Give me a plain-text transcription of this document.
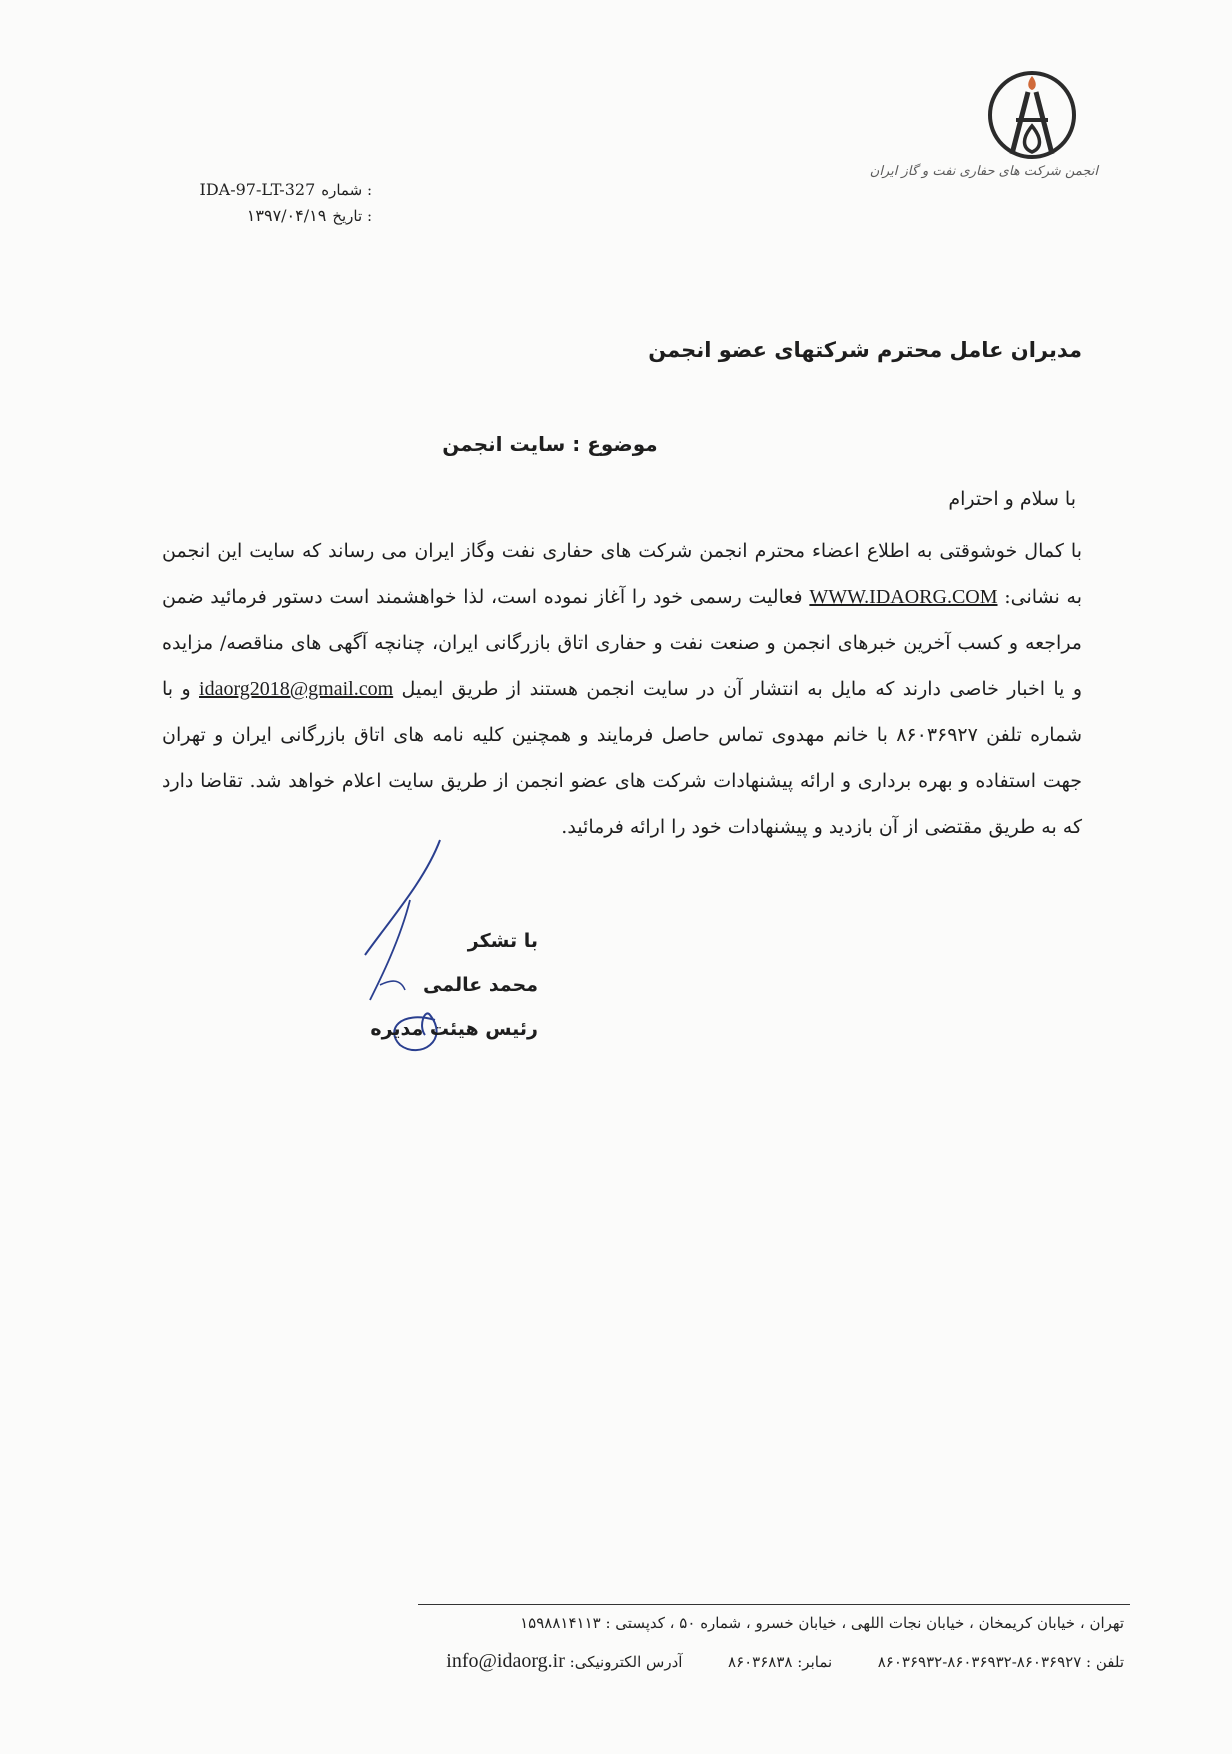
انجمن شرکت های حفاری نفت و گاز ایران
IDA-97-LT-327 شماره :
۱۳۹۷/۰۴/۱۹ تاریخ :
مدیران عامل محترم شرکتهای عضو انجمن
موضوع : سایت انجمن
با سلام و احترام
با کمال خوشوقتی به اطلاع اعضاء محترم انجمن شرکت های حفاری نفت وگاز ایران می رساند که سایت این انجمن به نشانی: WWW.IDAORG.COM فعالیت رسمی خود را آغاز نموده است، لذا خواهشمند است دستور فرمائید ضمن مراجعه و کسب آخرین خبرهای انجمن و صنعت نفت و حفاری اتاق بازرگانی ایران، چنانچه آگهی های مناقصه/ مزایده و یا اخبار خاصی دارند که مایل به انتشار آن در سایت انجمن هستند از طریق ایمیل idaorg2018@gmail.com و با شماره تلفن ۸۶۰۳۶۹۲۷ با خانم مهدوی تماس حاصل فرمایند و همچنین کلیه نامه های اتاق بازرگانی ایران و تهران جهت استفاده و بهره برداری و ارائه پیشنهادات شرکت های عضو انجمن از طریق سایت اعلام خواهد شد. تقاضا دارد که به طریق مقتضی از آن بازدید و پیشنهادات خود را ارائه فرمائید.
با تشکر
محمد عالمی
رئیس هیئت مدیره
تهران ، خیابان کریمخان ، خیابان نجات اللهی ، خیابان خسرو ، شماره ۵۰ ، کدپستی : ۱۵۹۸۸۱۴۱۱۳
تلفن : ۸۶۰۳۶۹۲۷-۸۶۰۳۶۹۳۲-۸۶۰۳۶۹۳۲  نمابر: ۸۶۰۳۶۸۳۸  آدرس الکترونیکی: info@idaorg.ir
